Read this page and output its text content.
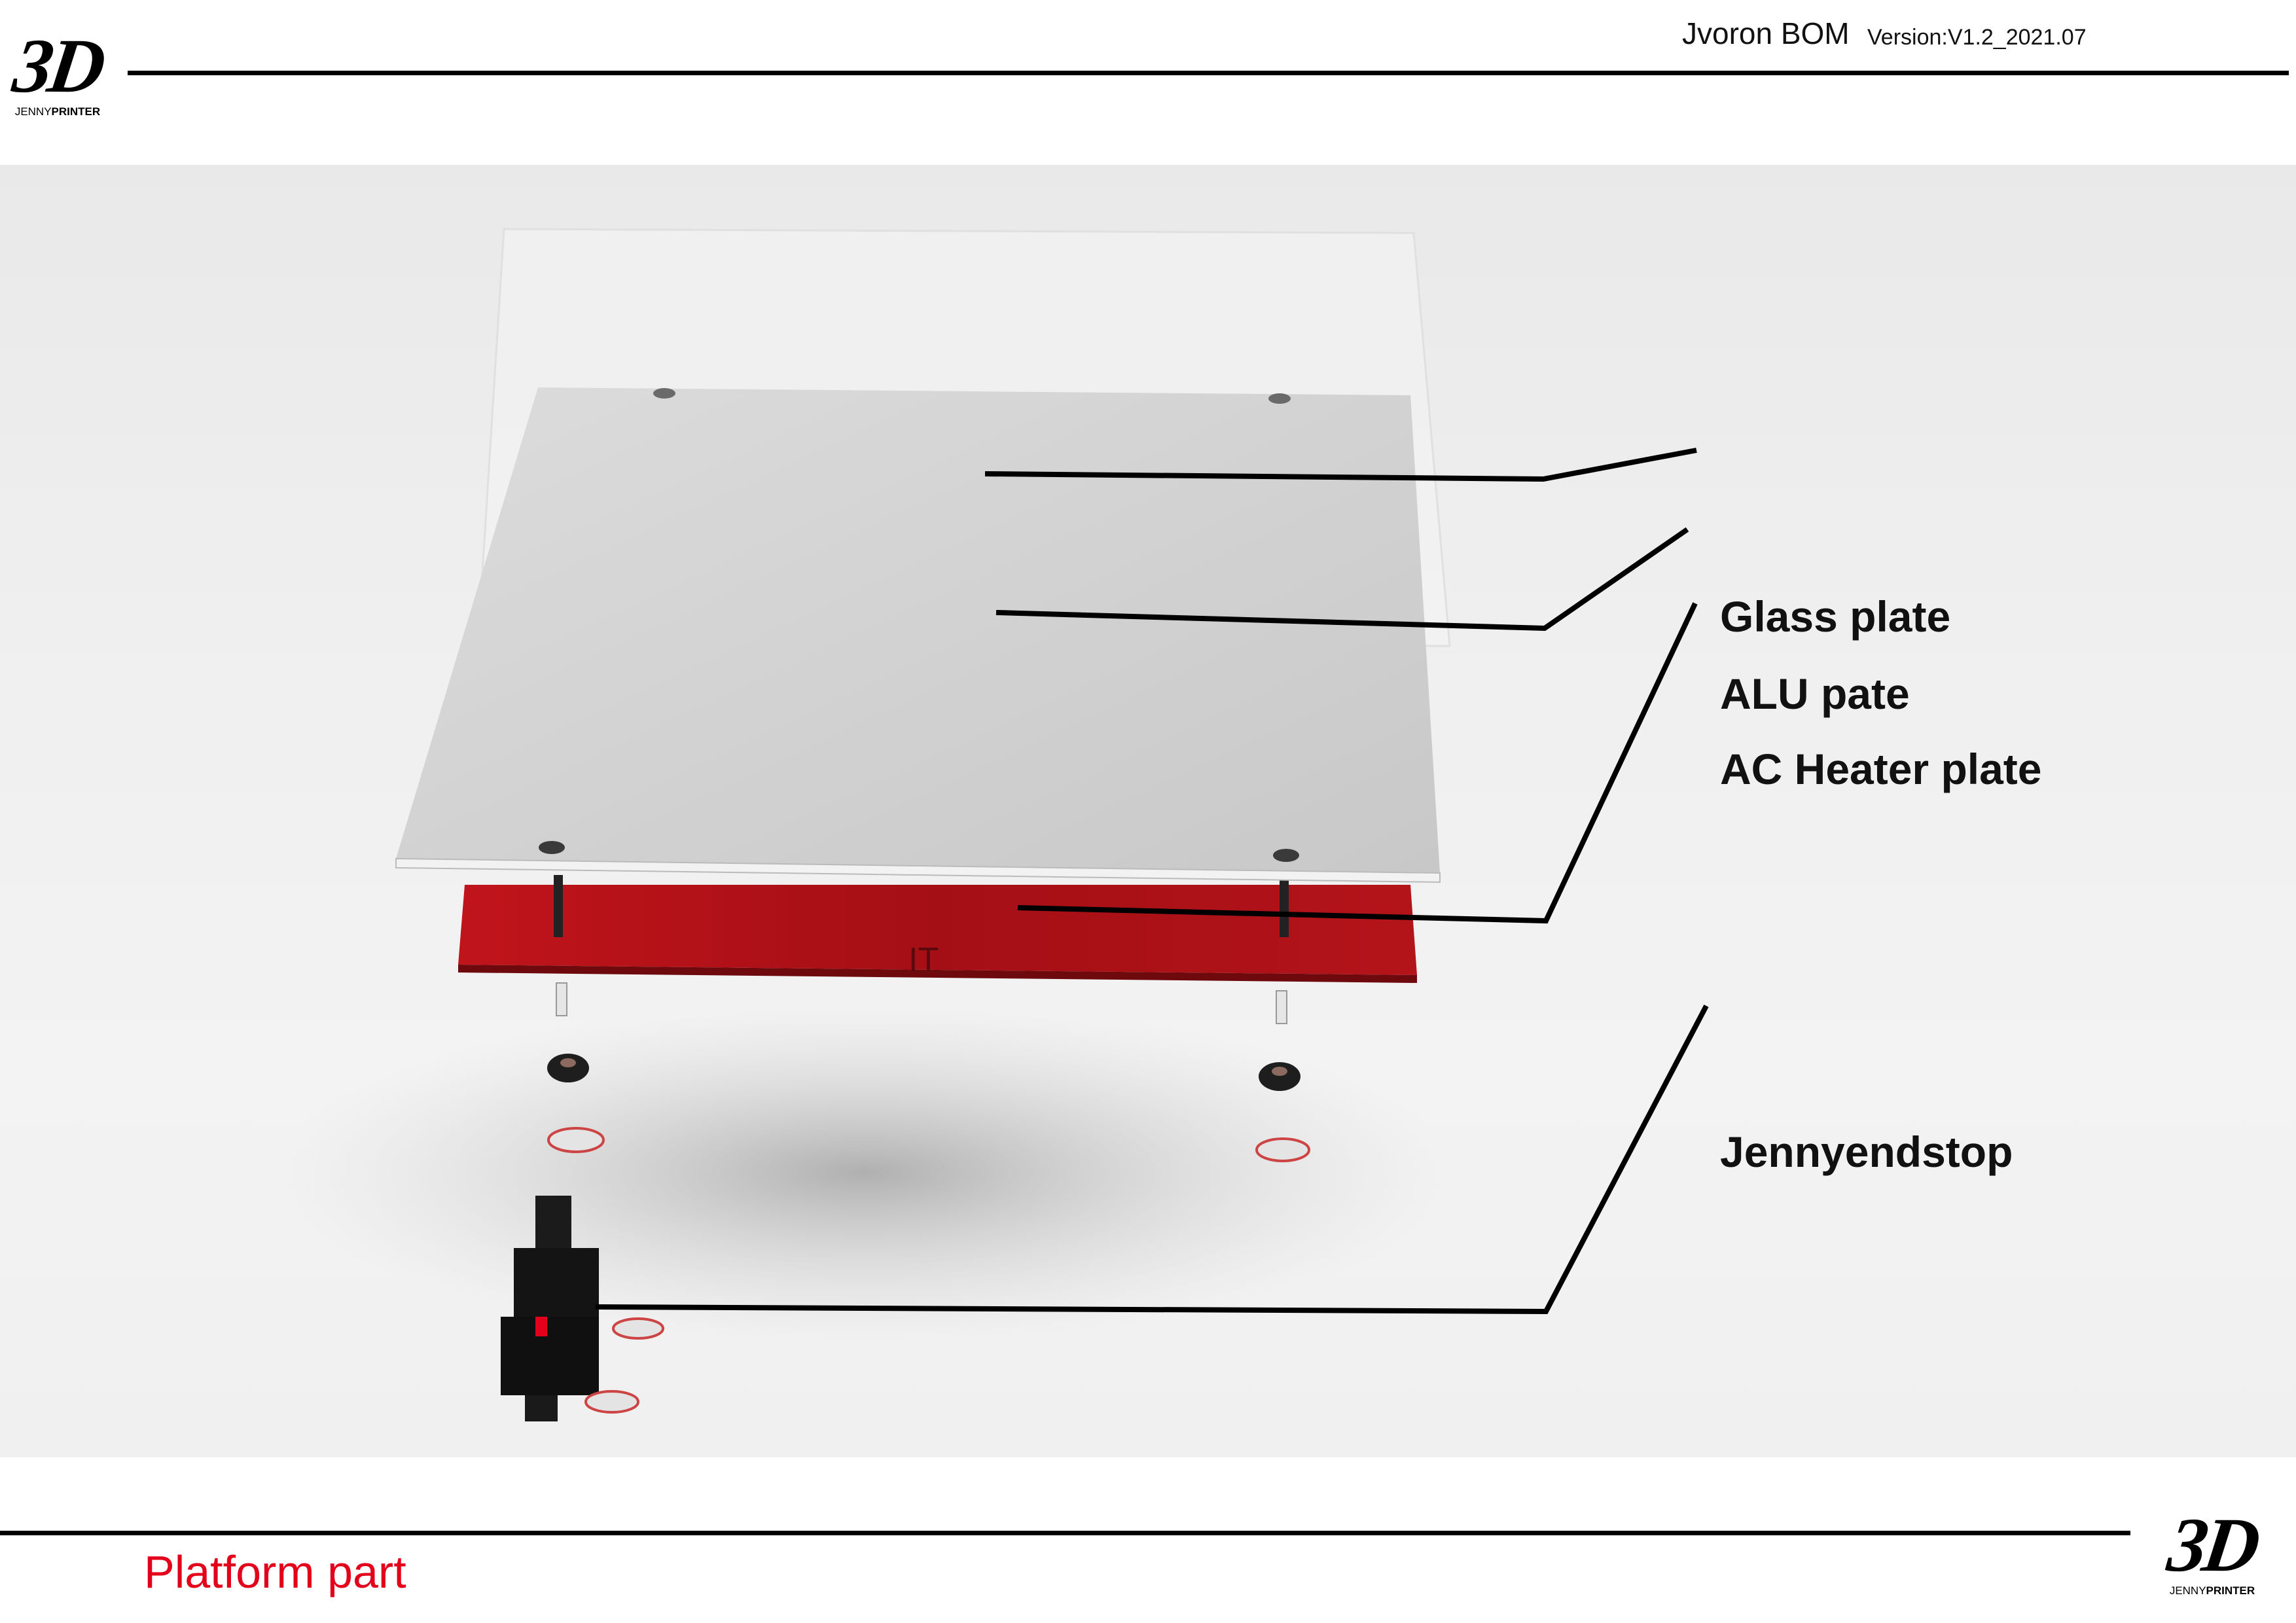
3D
JENNYPRINTER
Jvoron BOM Version:V1.2_2021.07
IT
Glass plate
ALU pate
AC Heater plate
Jennyendstop
Platform part	3D
JENNYPRINTER
